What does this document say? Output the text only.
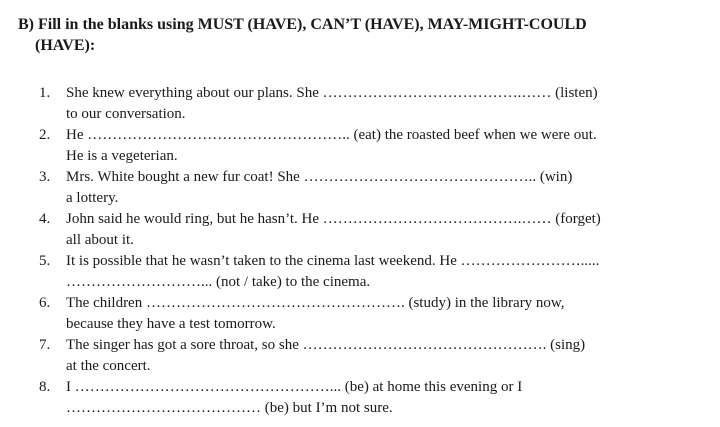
B) Fill in the blanks using MUST (HAVE), CAN’T (HAVE), MAY-MIGHT-COULD
(HAVE):
1. She knew everything about our plans. She ………………………………….…… (listen)
to our conversation.
2. He …………………………………………….. (eat) the roasted beef when we were out.
He is a vegeterian.
3. Mrs. White bought a new fur coat! She ……………………………………….. (win)
a lottery.
4. John said he would ring, but he hasn’t. He ………………………………….…… (forget)
all about it.
5. It is possible that he wasn’t taken to the cinema last weekend. He …………………….....
………………………... (not / take) to the cinema.
6. The children ……………………………………………. (study) in the library now,
because they have a test tomorrow.
7. The singer has got a sore throat, so she …………………………………………. (sing)
at the concert.
8. I ……………………………………………... (be) at home this evening or I
………………………………… (be) but I’m not sure.
